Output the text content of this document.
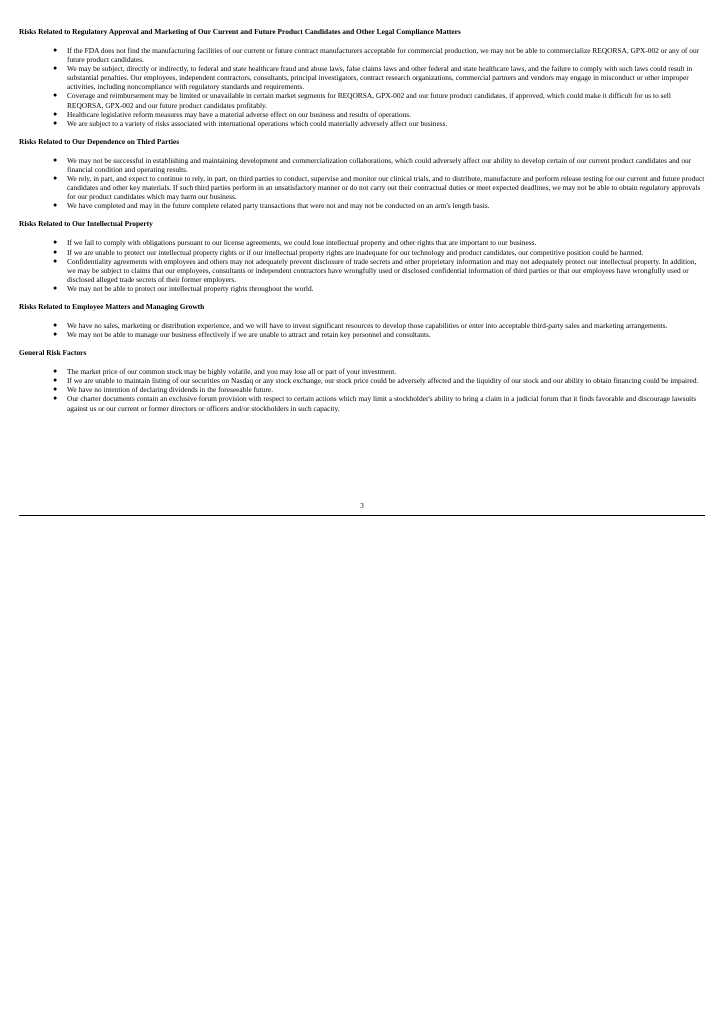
Risks Related to Regulatory Approval and Marketing of Our Current and Future Product Candidates and Other Legal Compliance Matters

● If the FDA does not find the manufacturing facilities of our current or future contract manufacturers acceptable for commercial production, we may not be able to commercialize REQORSA, GPX-002 or any of our future product candidates.
● We may be subject, directly or indirectly, to federal and state healthcare fraud and abuse laws, false claims laws and other federal and state healthcare laws, and the failure to comply with such laws could result in substantial penalties. Our employees, independent contractors, consultants, principal investigators, contract research organizations, commercial partners and vendors may engage in misconduct or other improper activities, including noncompliance with regulatory standards and requirements.
● Coverage and reimbursement may be limited or unavailable in certain market segments for REQORSA, GPX-002 and our future product candidates, if approved, which could make it difficult for us to sell REQORSA, GPX-002 and our future product candidates profitably.
● Healthcare legislative reform measures may have a material adverse effect on our business and results of operations.
● We are subject to a variety of risks associated with international operations which could materially adversely affect our business.

Risks Related to Our Dependence on Third Parties

● We may not be successful in establishing and maintaining development and commercialization collaborations, which could adversely affect our ability to develop certain of our current product candidates and our financial condition and operating results.
● We rely, in part, and expect to continue to rely, in part, on third parties to conduct, supervise and monitor our clinical trials, and to distribute, manufacture and perform release testing for our current and future product candidates and other key materials. If such third parties perform in an unsatisfactory manner or do not carry out their contractual duties or meet expected deadlines, we may not be able to obtain regulatory approvals for our product candidates which may harm our business.
● We have completed and may in the future complete related party transactions that were not and may not be conducted on an arm's length basis.

Risks Related to Our Intellectual Property

● If we fail to comply with obligations pursuant to our license agreements, we could lose intellectual property and other rights that are important to our business.
● If we are unable to protect our intellectual property rights or if our intellectual property rights are inadequate for our technology and product candidates, our competitive position could be harmed.
● Confidentiality agreements with employees and others may not adequately prevent disclosure of trade secrets and other proprietary information and may not adequately protect our intellectual property. In addition, we may be subject to claims that our employees, consultants or independent contractors have wrongfully used or disclosed confidential information of third parties or that our employees have wrongfully used or disclosed alleged trade secrets of their former employers.
● We may not be able to protect our intellectual property rights throughout the world.

Risks Related to Employee Matters and Managing Growth

● We have no sales, marketing or distribution experience, and we will have to invest significant resources to develop those capabilities or enter into acceptable third-party sales and marketing arrangements.
● We may not be able to manage our business effectively if we are unable to attract and retain key personnel and consultants.

General Risk Factors

● The market price of our common stock may be highly volatile, and you may lose all or part of your investment.
● If we are unable to maintain listing of our securities on Nasdaq or any stock exchange, our stock price could be adversely affected and the liquidity of our stock and our ability to obtain financing could be impaired.
● We have no intention of declaring dividends in the foreseeable future.
● Our charter documents contain an exclusive forum provision with respect to certain actions which may limit a stockholder's ability to bring a claim in a judicial forum that it finds favorable and discourage lawsuits against us or our current or former directors or officers and/or stockholders in such capacity.
3
